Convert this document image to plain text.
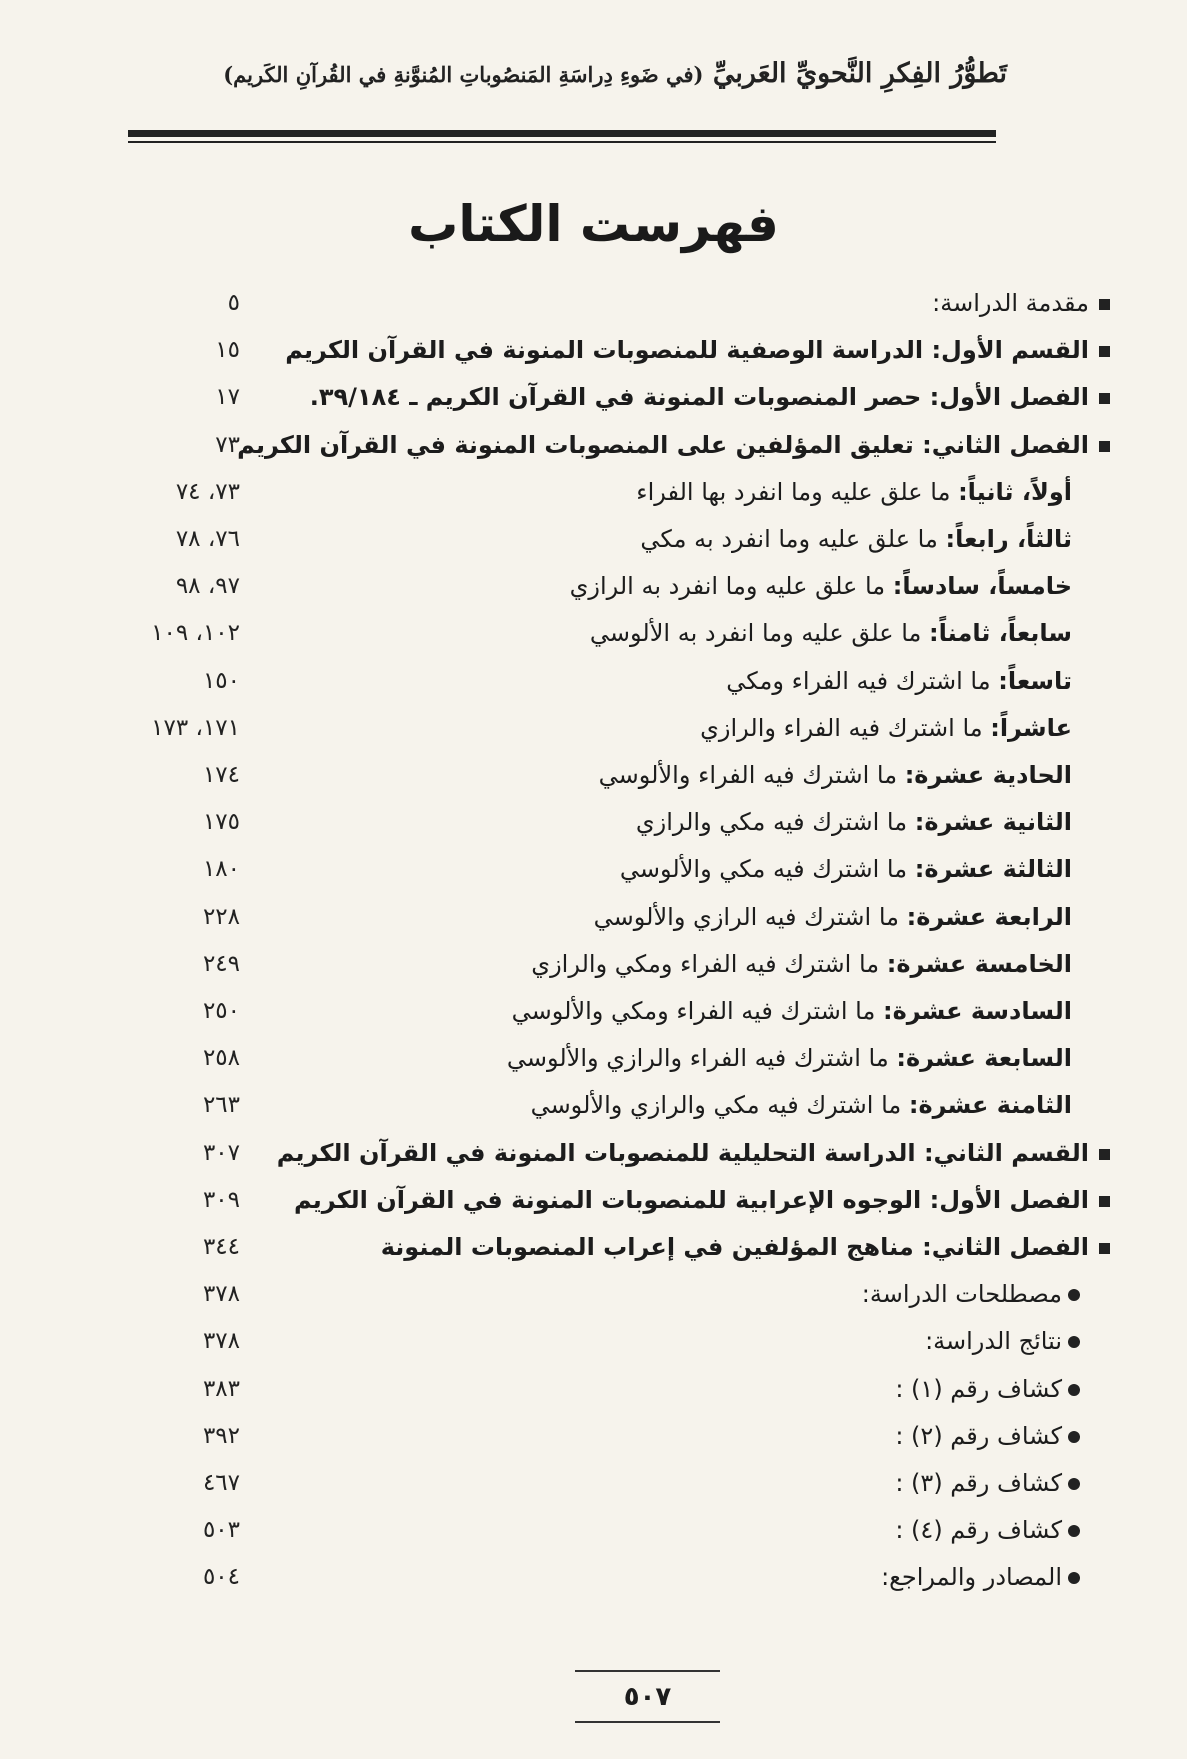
تَطوُّرُ الفِكرِ النَّحويِّ العَربيِّ (في ضَوءِ دِراسَةِ المَنصُوباتِ المُنوَّنةِ في القُرآنِ الكَريم)
فهرست الكتاب
مقدمة الدراسة:
٥
القسم الأول: الدراسة الوصفية للمنصوبات المنونة في القرآن الكريم
١٥
الفصل الأول: حصر المنصوبات المنونة في القرآن الكريم ـ ٣٩/١٨٤.
١٧
الفصل الثاني: تعليق المؤلفين على المنصوبات المنونة في القرآن الكريم
٧٣
أولاً، ثانياً: ما علق عليه وما انفرد بها الفراء
٧٣، ٧٤
ثالثاً، رابعاً: ما علق عليه وما انفرد به مكي
٧٦، ٧٨
خامساً، سادساً: ما علق عليه وما انفرد به الرازي
٩٧، ٩٨
سابعاً، ثامناً: ما علق عليه وما انفرد به الألوسي
١٠٢، ١٠٩
تاسعاً: ما اشترك فيه الفراء ومكي
١٥٠
عاشراً: ما اشترك فيه الفراء والرازي
١٧١، ١٧٣
الحادية عشرة: ما اشترك فيه الفراء والألوسي
١٧٤
الثانية عشرة: ما اشترك فيه مكي والرازي
١٧٥
الثالثة عشرة: ما اشترك فيه مكي والألوسي
١٨٠
الرابعة عشرة: ما اشترك فيه الرازي والألوسي
٢٢٨
الخامسة عشرة: ما اشترك فيه الفراء ومكي والرازي
٢٤٩
السادسة عشرة: ما اشترك فيه الفراء ومكي والألوسي
٢٥٠
السابعة عشرة: ما اشترك فيه الفراء والرازي والألوسي
٢٥٨
الثامنة عشرة: ما اشترك فيه مكي والرازي والألوسي
٢٦٣
القسم الثاني: الدراسة التحليلية للمنصوبات المنونة في القرآن الكريم
٣٠٧
الفصل الأول: الوجوه الإعرابية للمنصوبات المنونة في القرآن الكريم
٣٠٩
الفصل الثاني: مناهج المؤلفين في إعراب المنصوبات المنونة
٣٤٤
مصطلحات الدراسة:
٣٧٨
نتائج الدراسة:
٣٧٨
كشاف رقم (١) :
٣٨٣
كشاف رقم (٢) :
٣٩٢
كشاف رقم (٣) :
٤٦٧
كشاف رقم (٤) :
٥٠٣
المصادر والمراجع:
٥٠٤
٥٠٧
